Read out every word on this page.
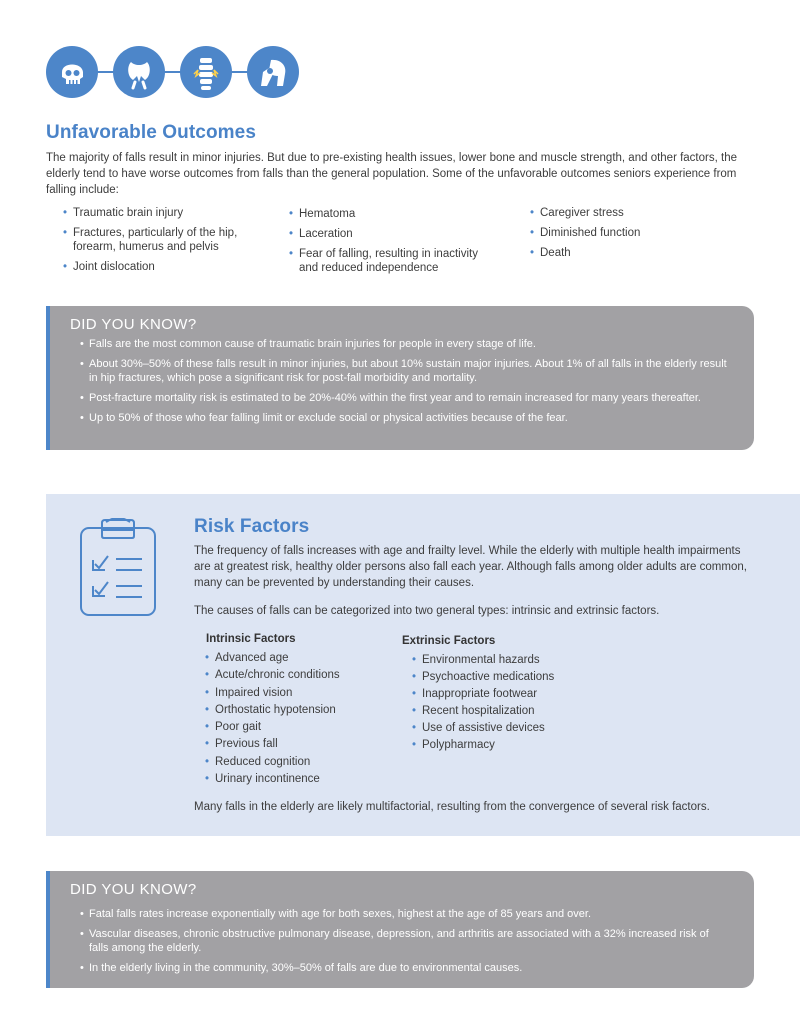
Unfavorable Outcomes

The majority of falls result in minor injuries. But due to pre-existing health issues, lower bone and muscle strength, and other factors, the elderly tend to have worse outcomes from falls than the general population. Some of the unfavorable outcomes seniors experience from falling include:

• Traumatic brain injury
• Fractures, particularly of the hip, forearm, humerus and pelvis
• Joint dislocation
• Hematoma
• Laceration
• Fear of falling, resulting in inactivity and reduced independence
• Caregiver stress
• Diminished function
• Death
DID YOU KNOW?
• Falls are the most common cause of traumatic brain injuries for people in every stage of life.
• About 30%–50% of these falls result in minor injuries, but about 10% sustain major injuries. About 1% of all falls in the elderly result in hip fractures, which pose a significant risk for post-fall morbidity and mortality.
• Post-fracture mortality risk is estimated to be 20%-40% within the first year and to remain increased for many years thereafter.
• Up to 50% of those who fear falling limit or exclude social or physical activities because of the fear.
Risk Factors

The frequency of falls increases with age and frailty level. While the elderly with multiple health impairments are at greatest risk, healthy older persons also fall each year. Although falls among older adults are common, many can be prevented by understanding their causes.

The causes of falls can be categorized into two general types: intrinsic and extrinsic factors.

Intrinsic Factors
• Advanced age
• Acute/chronic conditions
• Impaired vision
• Orthostatic hypotension
• Poor gait
• Previous fall
• Reduced cognition
• Urinary incontinence
Extrinsic Factors
• Environmental hazards
• Psychoactive medications
• Inappropriate footwear
• Recent hospitalization
• Use of assistive devices
• Polypharmacy

Many falls in the elderly are likely multifactorial, resulting from the convergence of several risk factors.

DID YOU KNOW?
• Fatal falls rates increase exponentially with age for both sexes, highest at the age of 85 years and over.
• Vascular diseases, chronic obstructive pulmonary disease, depression, and arthritis are associated with a 32% increased risk of falls among the elderly.
• In the elderly living in the community, 30%–50% of falls are due to environmental causes.
